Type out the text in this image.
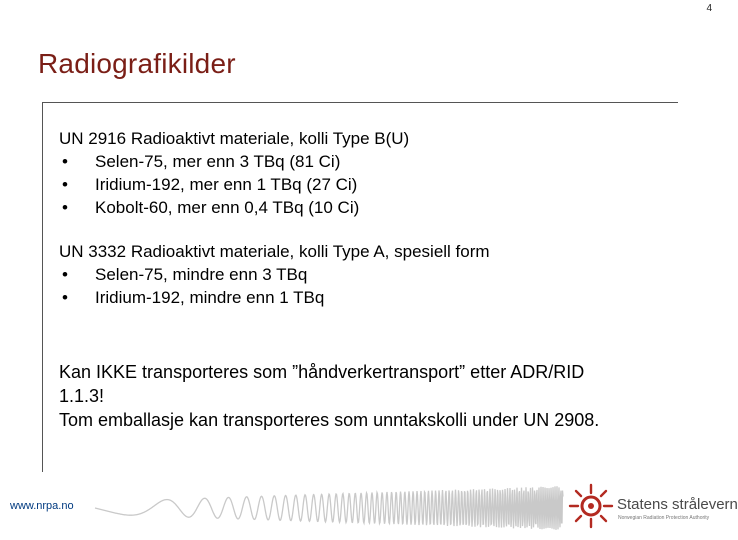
4
Radiografikilder
UN 2916 Radioaktivt materiale, kolli Type B(U)
• Selen-75, mer enn 3 TBq (81 Ci)
• Iridium-192, mer enn 1 TBq (27 Ci)
• Kobolt-60, mer enn 0,4 TBq (10 Ci)
UN 3332 Radioaktivt materiale, kolli Type A, spesiell form
• Selen-75, mindre enn 3 TBq
• Iridium-192, mindre enn 1 TBq
Kan IKKE transporteres som ”håndverkertransport” etter ADR/RID
1.1.3!
Tom emballasje kan transporteres som unntakskolli under UN 2908.
www.nrpa.no	Statens strålevern
Norwegian Radiation Protection Authority
